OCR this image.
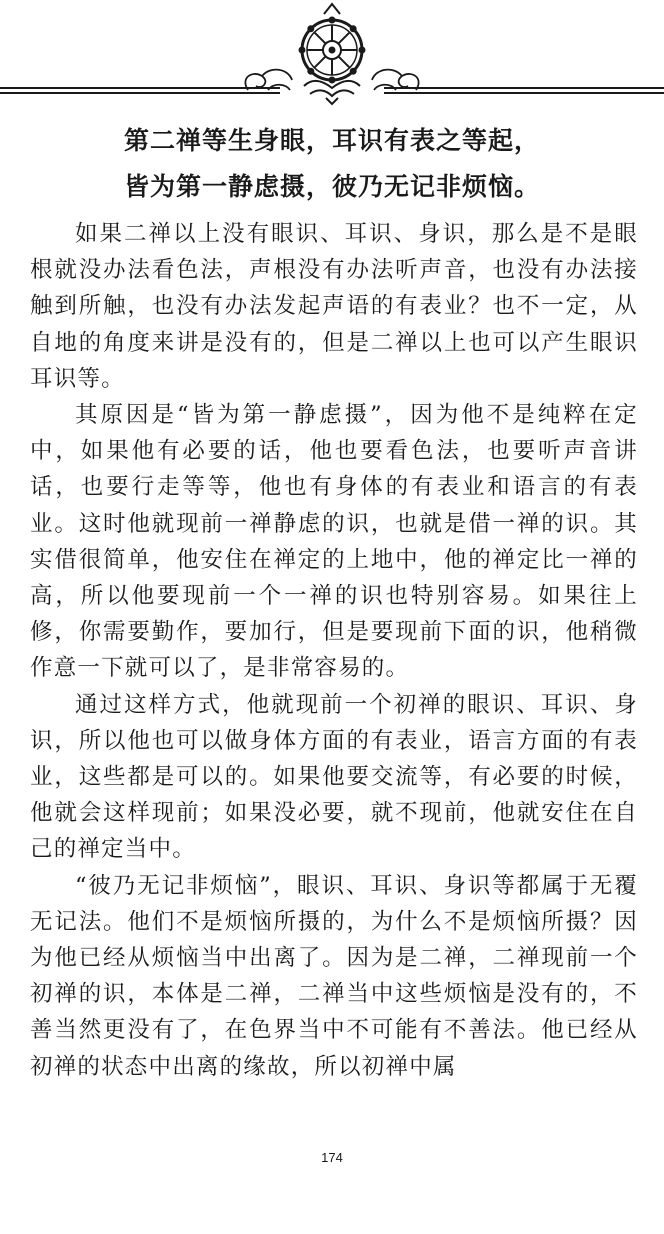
第二禅等生身眼，耳识有表之等起，
皆为第一静虑摄，彼乃无记非烦恼。

如果二禅以上没有眼识、耳识、身识，那么是不是眼根就没办法看色法，声根没有办法听声音，也没有办法接触到所触，也没有办法发起声语的有表业？也不一定，从自地的角度来讲是没有的，但是二禅以上也可以产生眼识耳识等。

其原因是“皆为第一静虑摄”，因为他不是纯粹在定中，如果他有必要的话，他也要看色法，也要听声音讲话，也要行走等等，他也有身体的有表业和语言的有表业。这时他就现前一禅静虑的识，也就是借一禅的识。其实借很简单，他安住在禅定的上地中，他的禅定比一禅的高，所以他要现前一个一禅的识也特别容易。如果往上修，你需要勤作，要加行，但是要现前下面的识，他稍微作意一下就可以了，是非常容易的。

通过这样方式，他就现前一个初禅的眼识、耳识、身识，所以他也可以做身体方面的有表业，语言方面的有表业，这些都是可以的。如果他要交流等，有必要的时候，他就会这样现前；如果没必要，就不现前，他就安住在自己的禅定当中。

“彼乃无记非烦恼”，眼识、耳识、身识等都属于无覆无记法。他们不是烦恼所摄的，为什么不是烦恼所摄？因为他已经从烦恼当中出离了。因为是二禅，二禅现前一个初禅的识，本体是二禅，二禅当中这些烦恼是没有的，不善当然更没有了，在色界当中不可能有不善法。他已经从初禅的状态中出离的缘故，所以初禅中属

174
